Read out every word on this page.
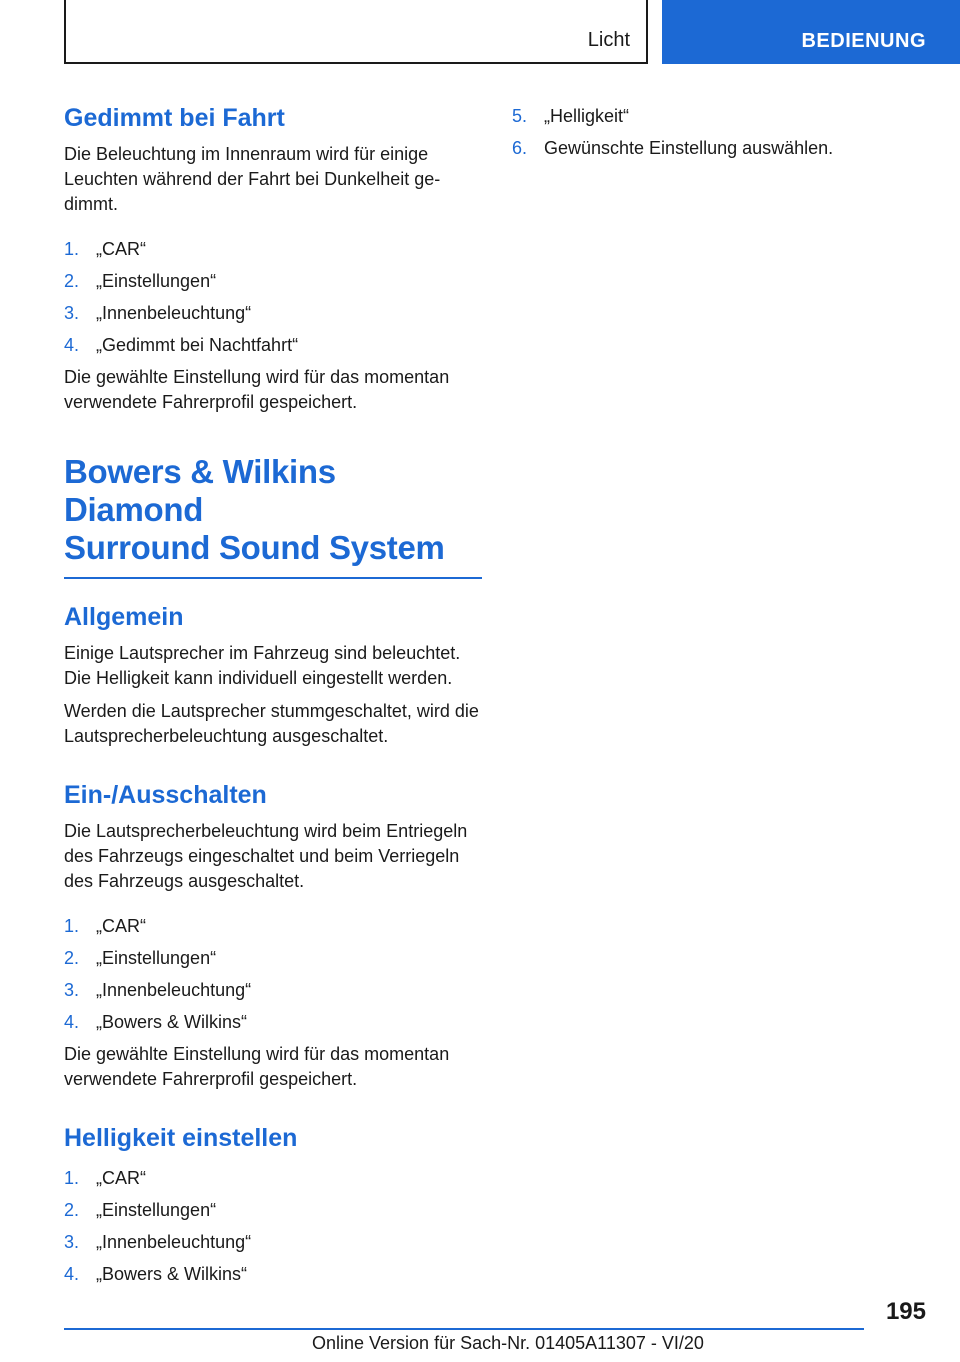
Licht	BEDIENUNG
Gedimmt bei Fahrt

Die Beleuchtung im Innenraum wird für einige Leuchten während der Fahrt bei Dunkelheit gedimmt.

1. „CAR“
2. „Einstellungen“
3. „Innenbeleuchtung“
4. „Gedimmt bei Nachtfahrt“

Die gewählte Einstellung wird für das momentan verwendete Fahrerprofil gespeichert.

Bowers & Wilkins Diamond
Surround Sound System
Allgemein

Einige Lautsprecher im Fahrzeug sind beleuchtet. Die Helligkeit kann individuell eingestellt werden.

Werden die Lautsprecher stummgeschaltet, wird die Lautsprecherbeleuchtung ausgeschaltet.

Ein-/Ausschalten

Die Lautsprecherbeleuchtung wird beim Entriegeln des Fahrzeugs eingeschaltet und beim Verriegeln des Fahrzeugs ausgeschaltet.

1. „CAR“
2. „Einstellungen“
3. „Innenbeleuchtung“
4. „Bowers & Wilkins“

Die gewählte Einstellung wird für das momentan verwendete Fahrerprofil gespeichert.

Helligkeit einstellen
1. „CAR“
2. „Einstellungen“
3. „Innenbeleuchtung“
4. „Bowers & Wilkins“
5. „Helligkeit“
6. Gewünschte Einstellung auswählen.
195
Online Version für Sach-Nr. 01405A11307 - VI/20
